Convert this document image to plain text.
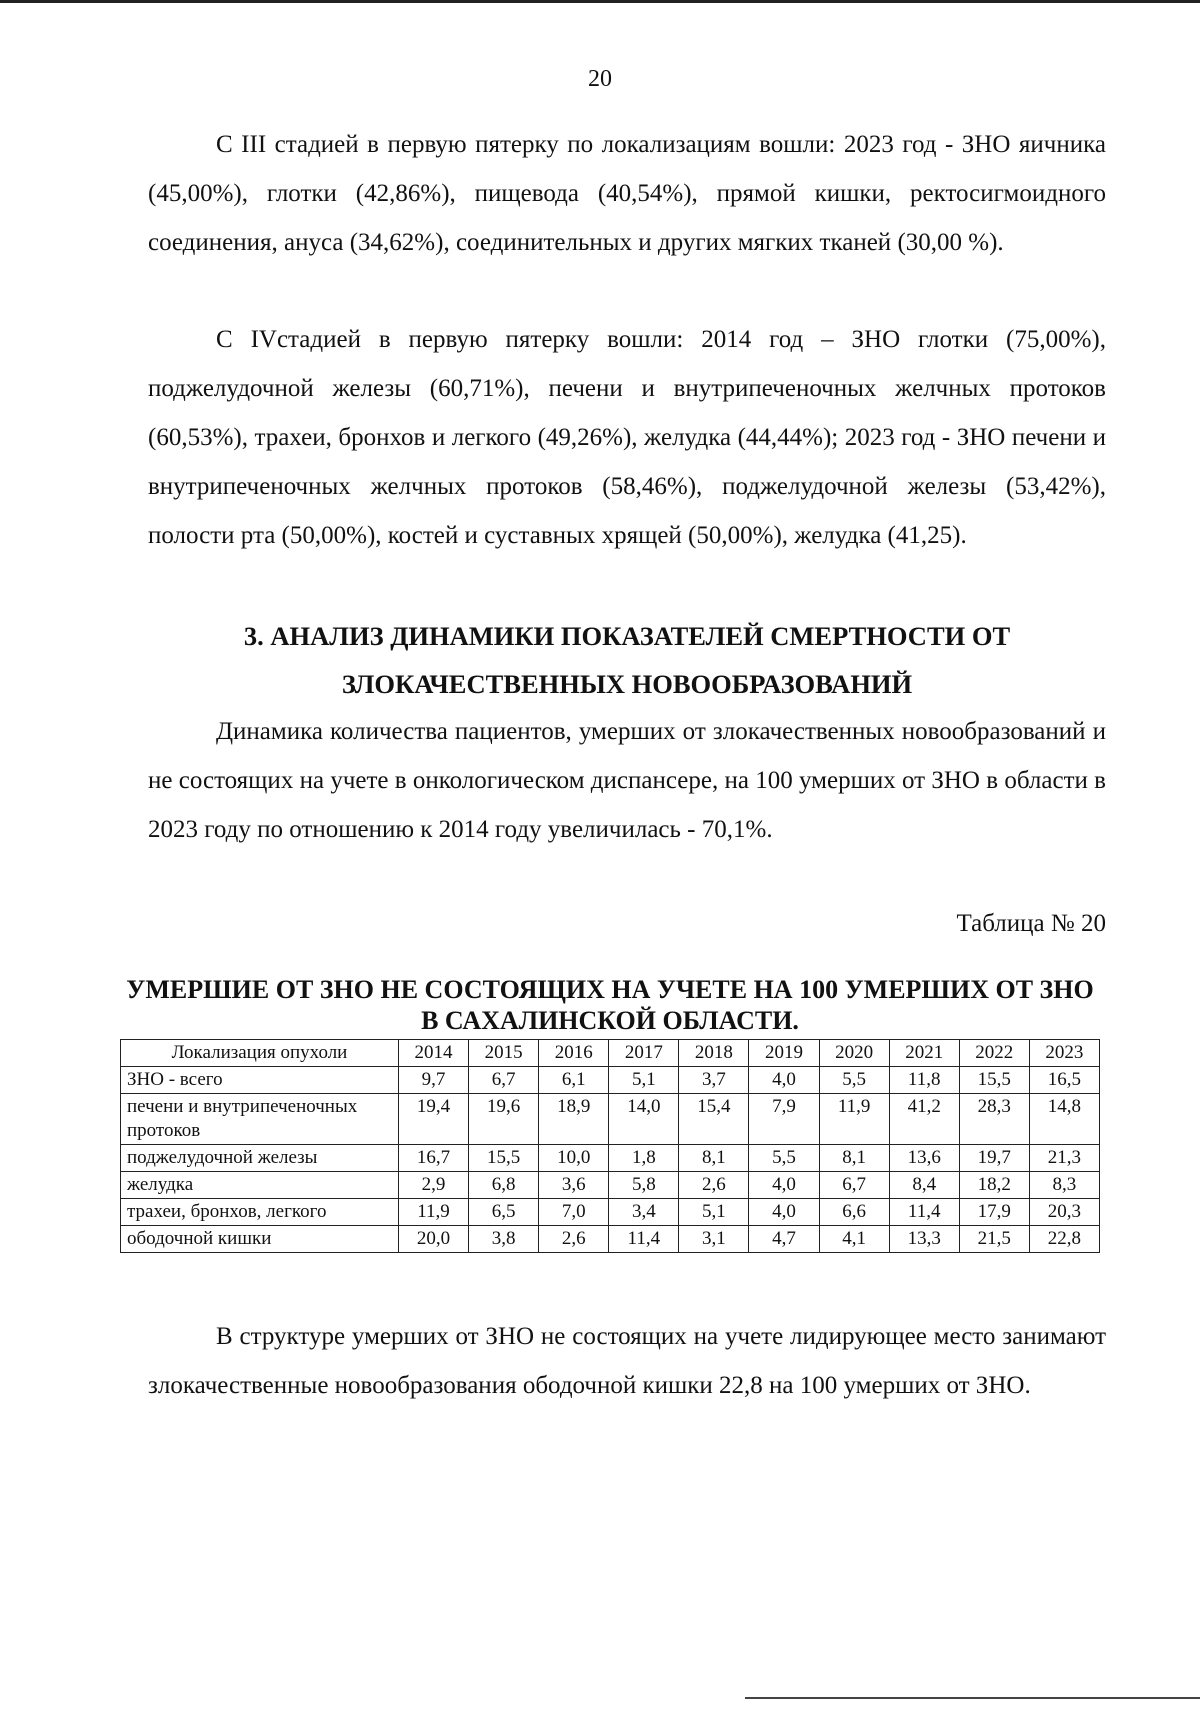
20

С III стадией в первую пятерку по локализациям вошли: 2023 год - ЗНО яичника (45,00%), глотки (42,86%), пищевода (40,54%), прямой кишки, ректосигмоидного соединения, ануса (34,62%), соединительных и других мягких тканей (30,00 %).

С IVстадией в первую пятерку вошли: 2014 год – ЗНО глотки (75,00%), поджелудочной железы (60,71%), печени и внутрипеченочных желчных протоков (60,53%), трахеи, бронхов и легкого (49,26%), желудка (44,44%); 2023 год - ЗНО печени и внутрипеченочных желчных протоков (58,46%), поджелудочной железы (53,42%), полости рта (50,00%), костей и суставных хрящей (50,00%), желудка (41,25).

3. АНАЛИЗ ДИНАМИКИ ПОКАЗАТЕЛЕЙ СМЕРТНОСТИ ОТ ЗЛОКАЧЕСТВЕННЫХ НОВООБРАЗОВАНИЙ

Динамика количества пациентов, умерших от злокачественных новообразований и не состоящих на учете в онкологическом диспансере, на 100 умерших от ЗНО в области в 2023 году по отношению к 2014 году увеличилась - 70,1%.

Таблица № 20
УМЕРШИЕ ОТ ЗНО НЕ СОСТОЯЩИХ НА УЧЕТЕ НА 100 УМЕРШИХ ОТ ЗНО В САХАЛИНСКОЙ ОБЛАСТИ.
Локализация опухоли	2014	2015	2016	2017	2018	2019	2020	2021	2022	2023
ЗНО - всего	9,7	6,7	6,1	5,1	3,7	4,0	5,5	11,8	15,5	16,5
печени и внутрипеченочных протоков	19,4	19,6	18,9	14,0	15,4	7,9	11,9	41,2	28,3	14,8
поджелудочной железы	16,7	15,5	10,0	1,8	8,1	5,5	8,1	13,6	19,7	21,3
желудка	2,9	6,8	3,6	5,8	2,6	4,0	6,7	8,4	18,2	8,3
трахеи, бронхов, легкого	11,9	6,5	7,0	3,4	5,1	4,0	6,6	11,4	17,9	20,3
ободочной кишки	20,0	3,8	2,6	11,4	3,1	4,7	4,1	13,3	21,5	22,8

В структуре умерших от ЗНО не состоящих на учете лидирующее место занимают злокачественные новообразования ободочной кишки 22,8 на 100 умерших от ЗНО.
